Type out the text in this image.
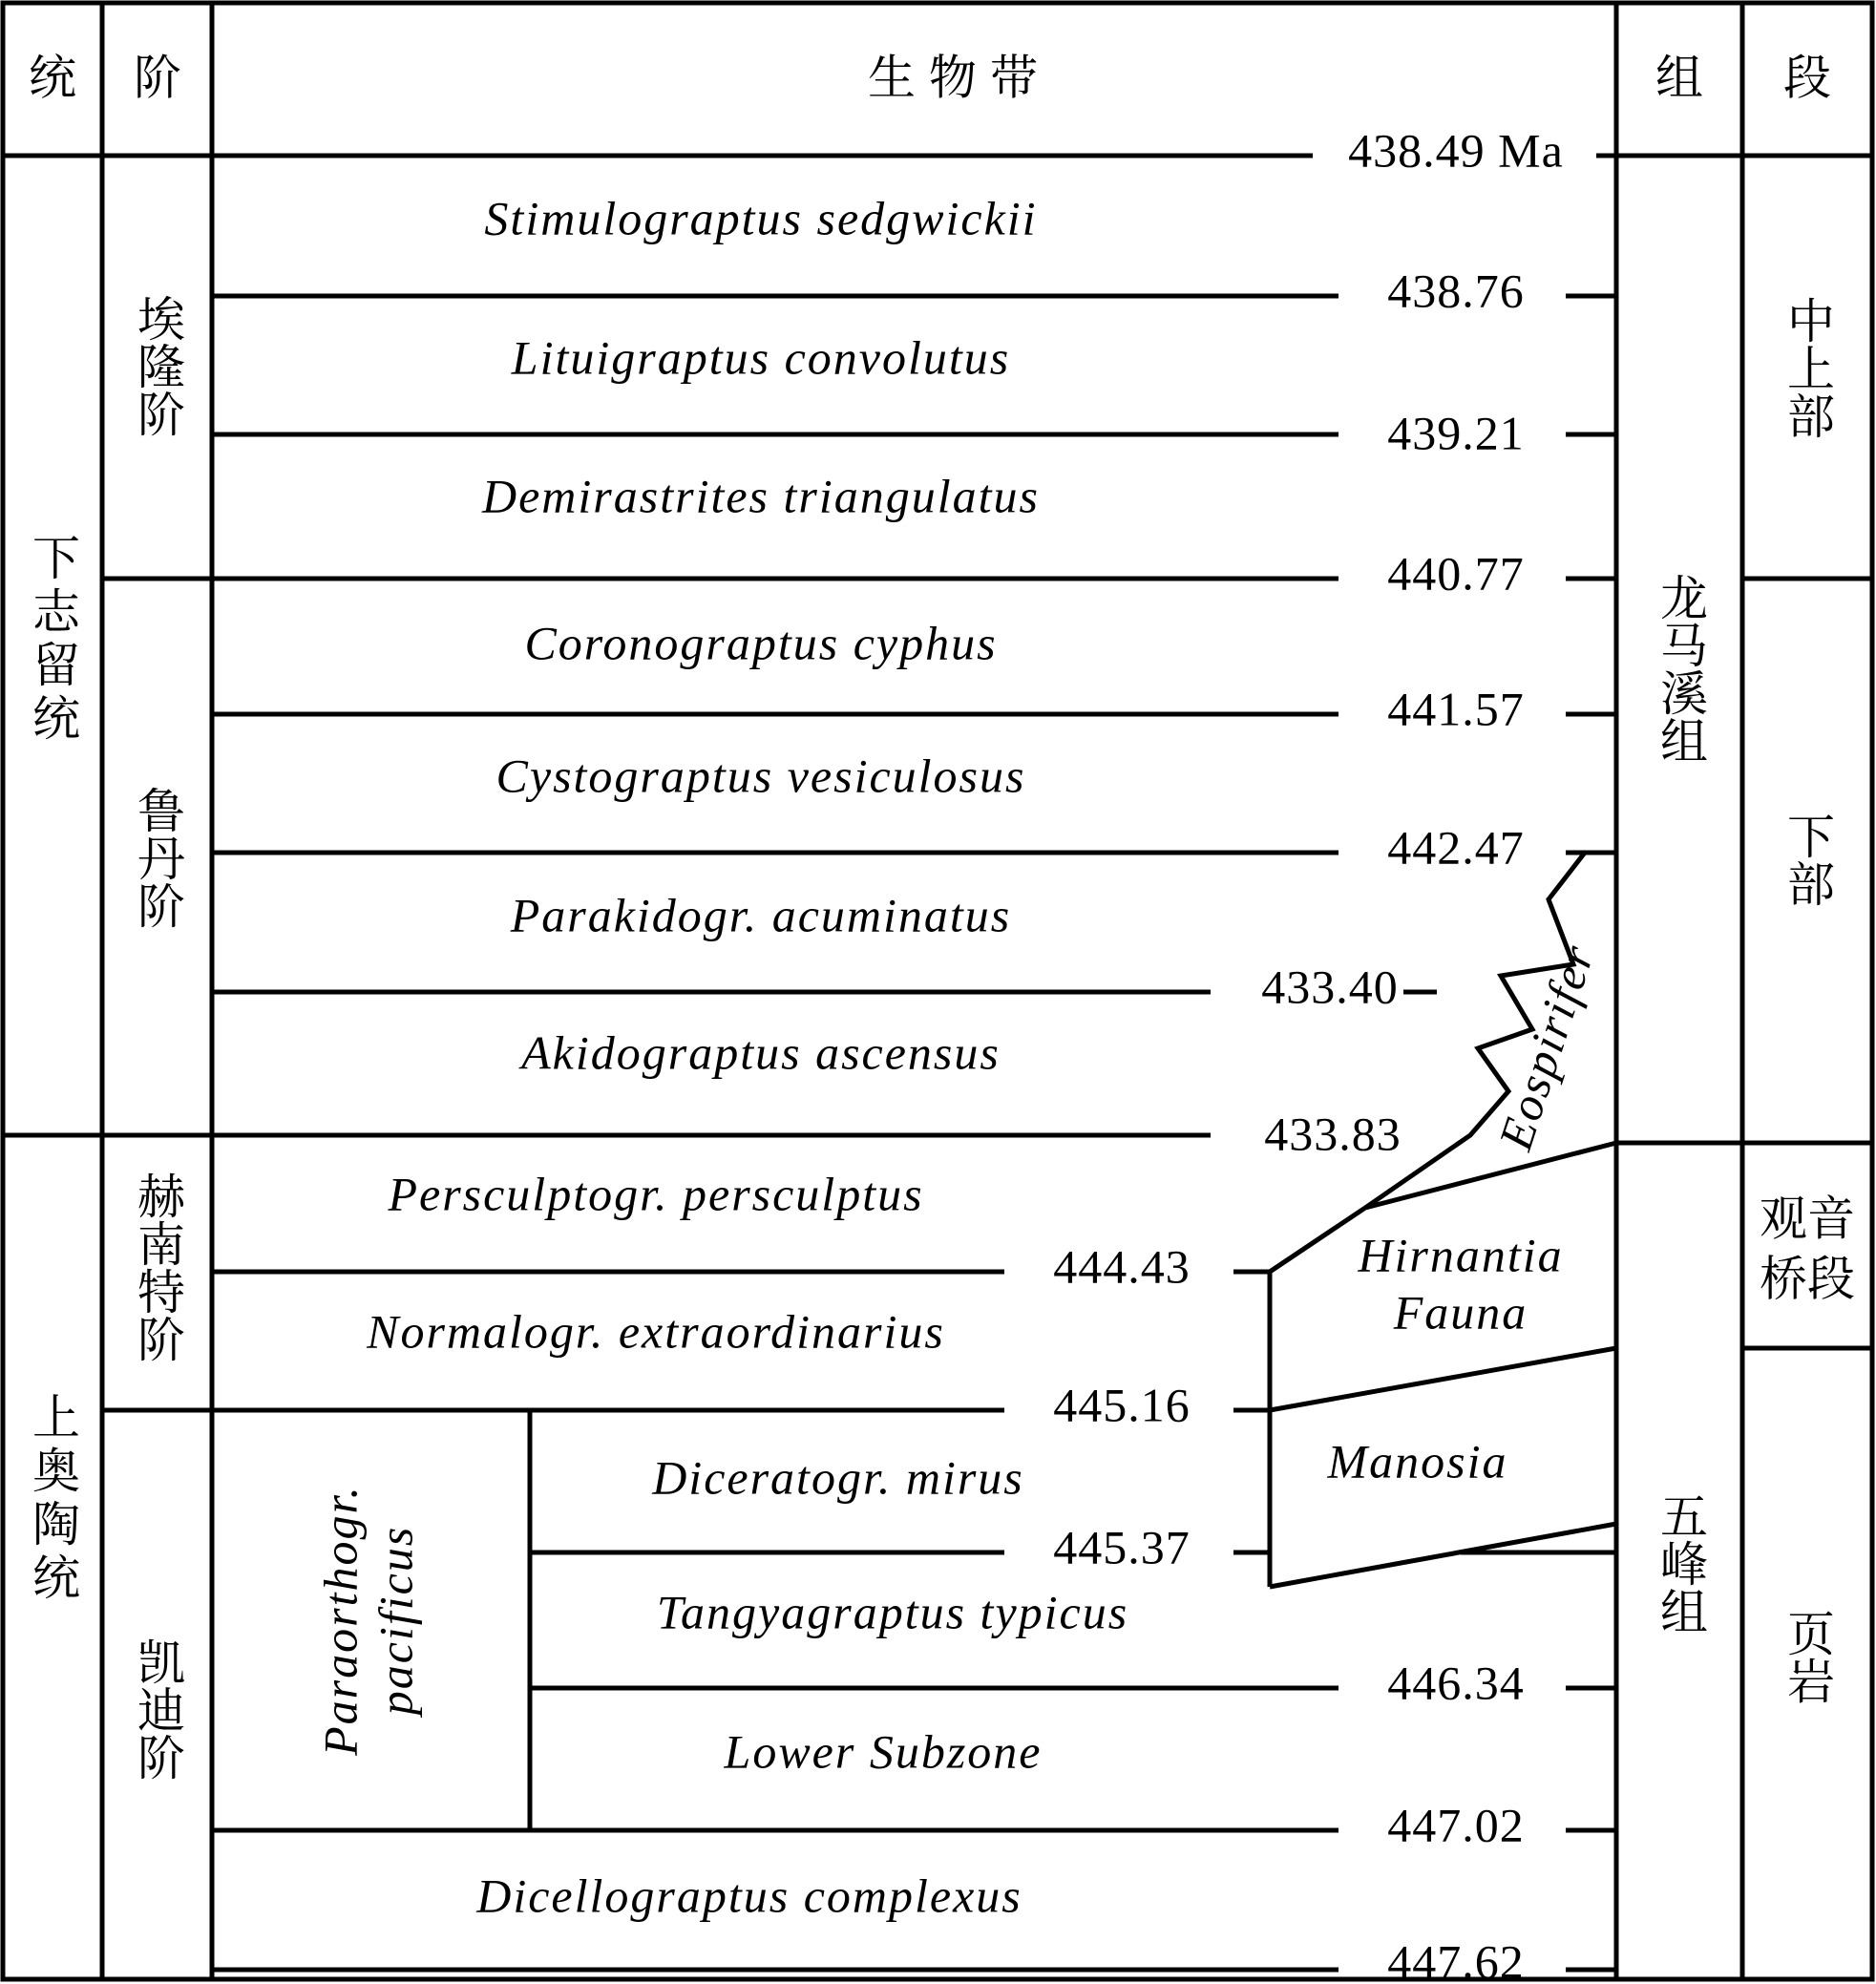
统 阶	生物带	组 段
下志留统
上奥陶统
埃隆阶
鲁丹阶
赫南特阶
凯迪阶
Stimulograptus sedgwickii
Lituigraptus convolutus
Demirastrites triangulatus
Coronograptus cyphus
Cystograptus vesiculosus
Parakidogr. acuminatus
Akidograptus ascensus
Persculptogr. persculptus
Normalogr. extraordinarius
Diceratogr. mirus
Tangyagraptus typicus
Lower Subzone
Dicellograptus complexus
Paraorthogr. pacificus
438.49 Ma
438.76
439.21
440.77
441.57
442.47
433.40
433.83
444.43
445.16
445.37
446.34
447.02
447.62
Eospirifer
Hirnantia
Fauna
Manosia
龙马溪组
五峰组
中上部
下部
观音
桥段
页岩
